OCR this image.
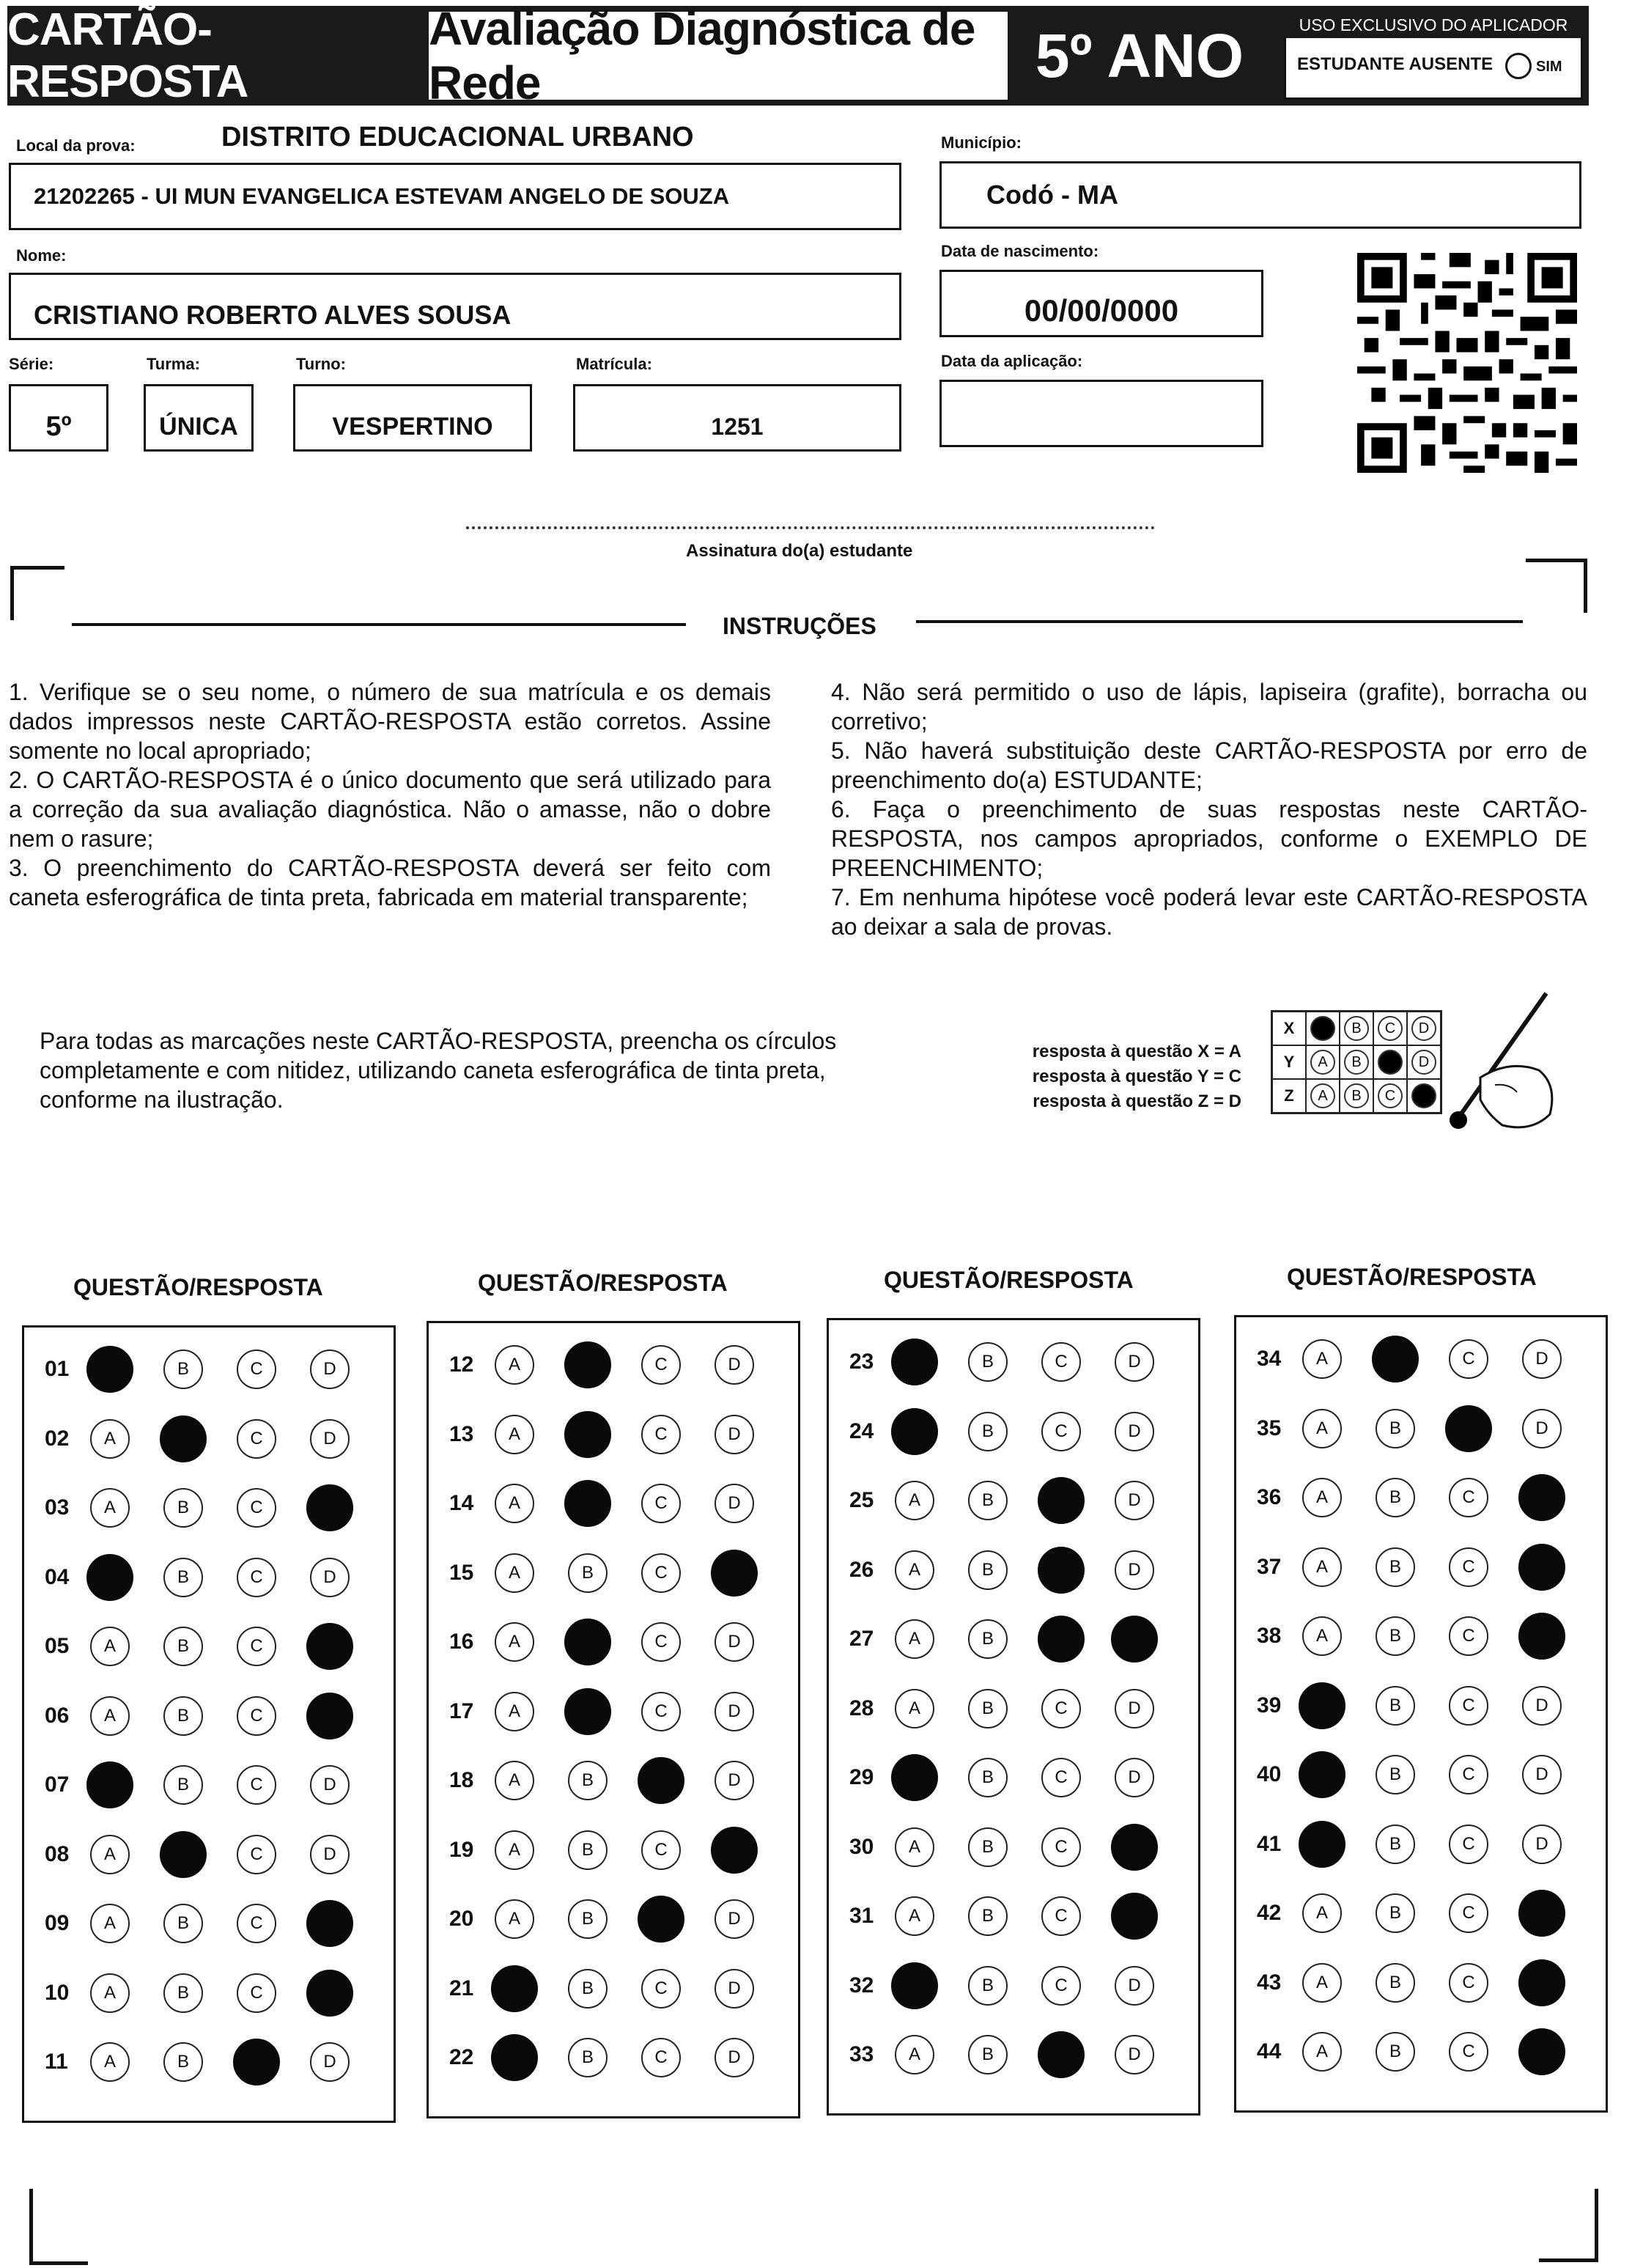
CARTÃO-RESPOSTA
Avaliação Diagnóstica de Rede	5º ANO	USO EXCLUSIVO DO APLICADOR
ESTUDANTE AUSENTE	SIM
Local da prova:	DISTRITO EDUCACIONAL URBANO
21202265 - UI MUN EVANGELICA ESTEVAM ANGELO DE SOUZA
Município:
Codó - MA
Nome:
CRISTIANO ROBERTO ALVES SOUSA
Data de nascimento:
00/00/0000
Série:
5º
Turma:
ÚNICA
Turno:
VESPERTINO
Matrícula:
1251
Data da aplicação:
Assinatura do(a) estudante
INSTRUÇÕES

1. Verifique se o seu nome, o número de sua matrícula e os demais dados impressos neste CARTÃO-RESPOSTA estão corretos. Assine somente no local apropriado;

2. O CARTÃO-RESPOSTA é o único documento que será utilizado para a correção da sua avaliação diagnóstica. Não o amasse, não o dobre nem o rasure;

3. O preenchimento do CARTÃO-RESPOSTA deverá ser feito com caneta esferográfica de tinta preta, fabricada em material transparente;

4. Não será permitido o uso de lápis, lapiseira (grafite), borracha ou corretivo;

5. Não haverá substituição deste CARTÃO-RESPOSTA por erro de preenchimento do(a) ESTUDANTE;

6. Faça o preenchimento de suas respostas neste CARTÃO-RESPOSTA, nos campos apropriados, conforme o EXEMPLO DE PREENCHIMENTO;

7. Em nenhuma hipótese você poderá levar este CARTÃO-RESPOSTA ao deixar a sala de provas.

Para todas as marcações neste CARTÃO-RESPOSTA, preencha os círculos completamente e com nitidez, utilizando caneta esferográfica de tinta preta, conforme na ilustração.
resposta à questão X = A
resposta à questão Y = C
resposta à questão Z = D
X		B	C	D
Y	A	B		D
Z	A	B	C	
QUESTÃO/RESPOSTA	QUESTÃO/RESPOSTA	QUESTÃO/RESPOSTA	QUESTÃO/RESPOSTA
01	B	C	D
02	A	C	D
03	A	B	C
04	B	C	D
05	A	B	C
06	A	B	C
07	B	C	D
08	A	C	D
09	A	B	C
10	A	B	C
11	A	B	D
12	A	C	D
13	A	C	D
14	A	C	D
15	A	B	C
16	A	C	D
17	A	C	D
18	A	B	D
19	A	B	C
20	A	B	D
21	B	C	D
22	B	C	D
23	B	C	D
24	B	C	D
25	A	B	D
26	A	B	D
27	A	B
28	A	B	C	D
29	B	C	D
30	A	B	C
31	A	B	C
32	B	C	D
33	A	B	D
34	A	C	D
35	A	B	D
36	A	B	C
37	A	B	C
38	A	B	C
39	B	C	D
40	B	C	D
41	B	C	D
42	A	B	C
43	A	B	C
44	A	B	C
